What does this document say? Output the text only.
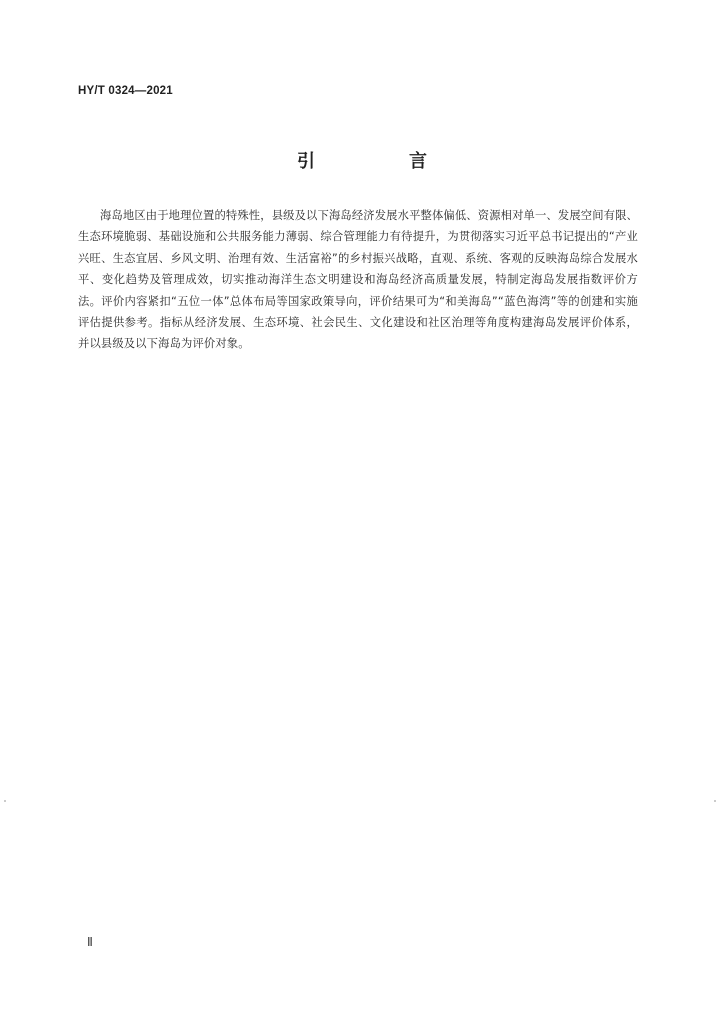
HY/T 0324—2021
引　言

海岛地区由于地理位置的特殊性，县级及以下海岛经济发展水平整体偏低、资源相对单一、发展空间有限、生态环境脆弱、基础设施和公共服务能力薄弱、综合管理能力有待提升，为贯彻落实习近平总书记提出的“产业兴旺、生态宜居、乡风文明、治理有效、生活富裕”的乡村振兴战略，直观、系统、客观的反映海岛综合发展水平、变化趋势及管理成效，切实推动海洋生态文明建设和海岛经济高质量发展，特制定海岛发展指数评价方法。评价内容紧扣“五位一体”总体布局等国家政策导向，评价结果可为“和美海岛”“蓝色海湾”等的创建和实施评估提供参考。指标从经济发展、生态环境、社会民生、文化建设和社区治理等角度构建海岛发展评价体系，并以县级及以下海岛为评价对象。

Ⅱ
